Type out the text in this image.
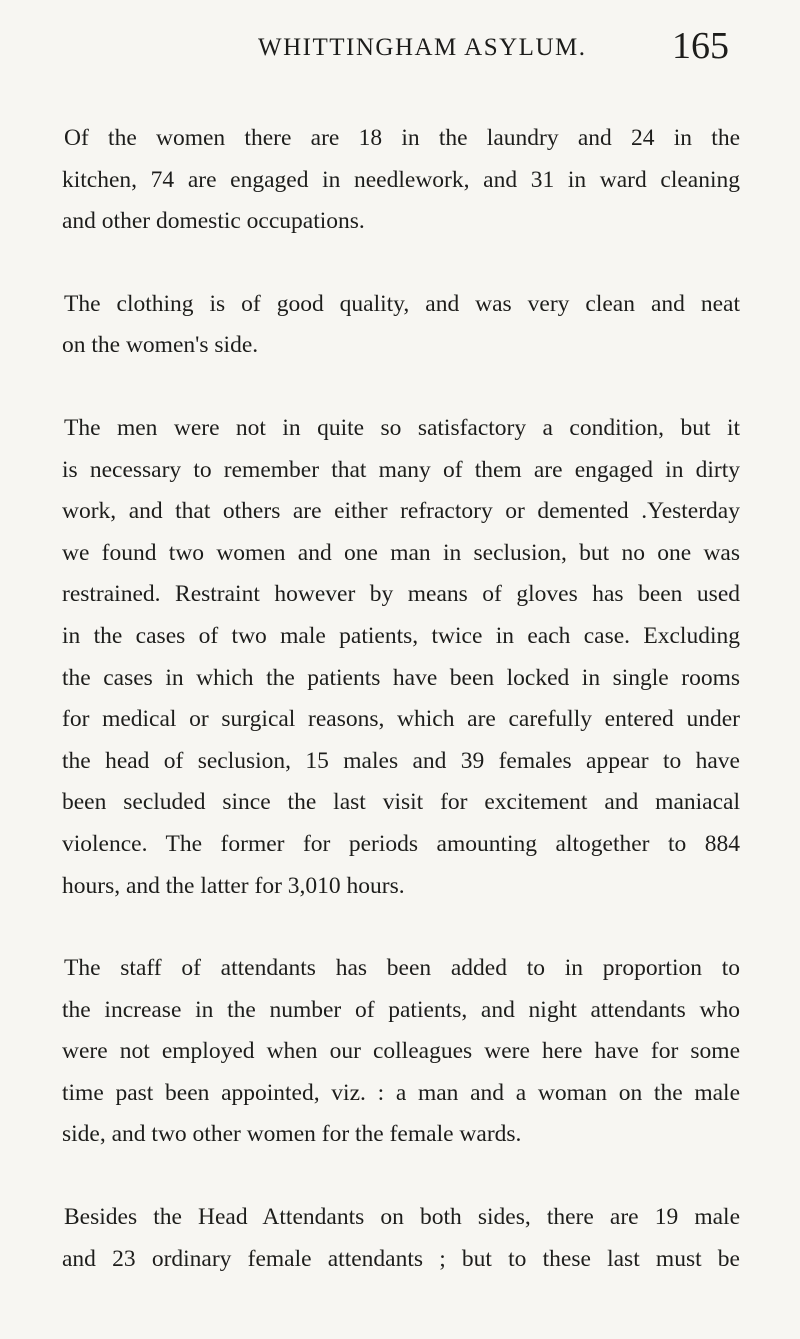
WHITTINGHAM ASYLUM. 165

Of the women there are 18 in the laundry and 24 in the
kitchen, 74 are engaged in needlework, and 31 in ward cleaning
and other domestic occupations.

The clothing is of good quality, and was very clean and neat
on the women's side.

The men were not in quite so satisfactory a condition, but it
is necessary to remember that many of them are engaged in dirty
work, and that others are either refractory or demented .Yesterday
we found two women and one man in seclusion, but no one was
restrained. Restraint however by means of gloves has been used
in the cases of two male patients, twice in each case. Excluding
the cases in which the patients have been locked in single rooms
for medical or surgical reasons, which are carefully entered under
the head of seclusion, 15 males and 39 females appear to have
been secluded since the last visit for excitement and maniacal
violence. The former for periods amounting altogether to 884
hours, and the latter for 3,010 hours.

The staff of attendants has been added to in proportion to
the increase in the number of patients, and night attendants who
were not employed when our colleagues were here have for some
time past been appointed, viz. : a man and a woman on the male
side, and two other women for the female wards.

Besides the Head Attendants on both sides, there are 19 male
and 23 ordinary female attendants ; but to these last must be
